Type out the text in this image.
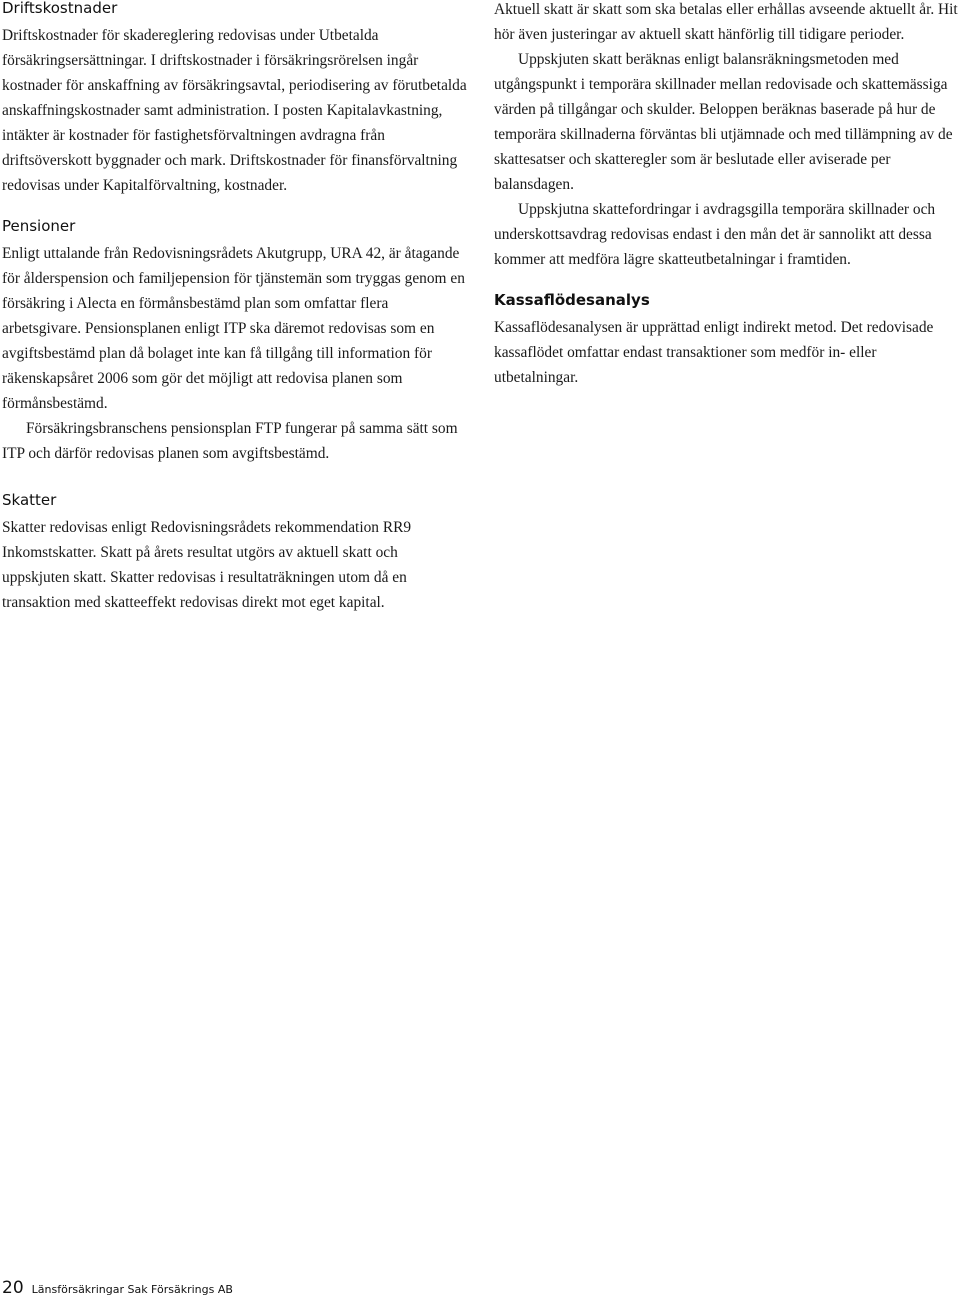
Driftskostnader

Driftskostnader för skadereglering redovisas under Utbetalda försäkringsersättningar. I driftskostnader i försäkringsrörelsen ingår kostnader för anskaffning av försäkringsavtal, periodisering av förutbetalda anskaffningskostnader samt administration. I posten Kapitalavkastning, intäkter är kostnader för fastighetsförvaltningen avdragna från driftsöverskott byggnader och mark. Driftskostnader för finansförvaltning redovisas under Kapitalförvaltning, kostnader.

Pensioner

Enligt uttalande från Redovisningsrådets Akutgrupp, URA 42, är åtagande för ålderspension och familjepension för tjänstemän som tryggas genom en försäkring i Alecta en förmånsbestämd plan som omfattar flera arbetsgivare. Pensionsplanen enligt ITP ska däremot redovisas som en avgiftsbestämd plan då bolaget inte kan få tillgång till information för räkenskapsåret 2006 som gör det möjligt att redovisa planen som förmånsbestämd.

Försäkringsbranschens pensionsplan FTP fungerar på samma sätt som ITP och därför redovisas planen som avgiftsbestämd.

Skatter

Skatter redovisas enligt Redovisningsrådets rekommendation RR9 Inkomstskatter. Skatt på årets resultat utgörs av aktuell skatt och uppskjuten skatt. Skatter redovisas i resultaträkningen utom då en transaktion med skatteeffekt redovisas direkt mot eget kapital.

Aktuell skatt är skatt som ska betalas eller erhållas avseende aktuellt år. Hit hör även justeringar av aktuell skatt hänförlig till tidigare perioder.

Uppskjuten skatt beräknas enligt balansräkningsmetoden med utgångspunkt i temporära skillnader mellan redovisade och skattemässiga värden på tillgångar och skulder. Beloppen beräknas baserade på hur de temporära skillnaderna förväntas bli utjämnade och med tillämpning av de skattesatser och skatteregler som är beslutade eller aviserade per balansdagen.

Uppskjutna skattefordringar i avdragsgilla temporära skillnader och underskottsavdrag redovisas endast i den mån det är sannolikt att dessa kommer att medföra lägre skatteutbetalningar i framtiden.

Kassaflödesanalys

Kassaflödesanalysen är upprättad enligt indirekt metod. Det redovisade kassaflödet omfattar endast transaktioner som medför in- eller utbetalningar.

20 Länsförsäkringar Sak Försäkrings AB
